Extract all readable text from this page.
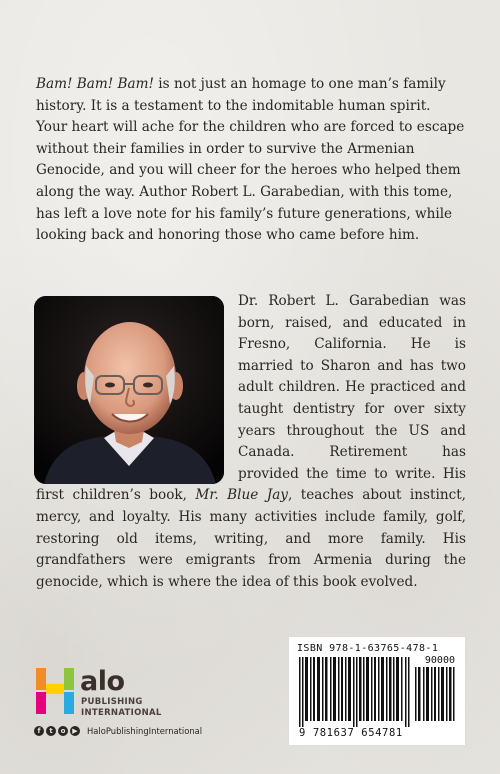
Bam! Bam! Bam! is not just an homage to one man’s family history. It is a testament to the indomitable human spirit. Your heart will ache for the children who are forced to escape without their families in order to survive the Armenian Genocide, and you will cheer for the heroes who helped them along the way. Author Robert L. Garabedian, with this tome, has left a love note for his family’s future generations, while looking back and honoring those who came before him.
Dr. Robert L. Garabedian was born, raised, and educated in Fresno, California. He is married to Sharon and has two adult children. He practiced and taught dentistry for over sixty years throughout the US and Canada. Retirement has provided the time to write. His first children’s book, Mr. Blue Jay, teaches about instinct, mercy, and loyalty. His many activities include family, golf, restoring old items, writing, and more family. His grandfathers were emigrants from Armenia during the genocide, which is where the idea of this book evolved.
ISBN 978-1-63765-478-1
90000
9 781637 654781
alo
PUBLISHING
INTERNATIONAL
f	t	o ▶ HaloPublishingInternational
